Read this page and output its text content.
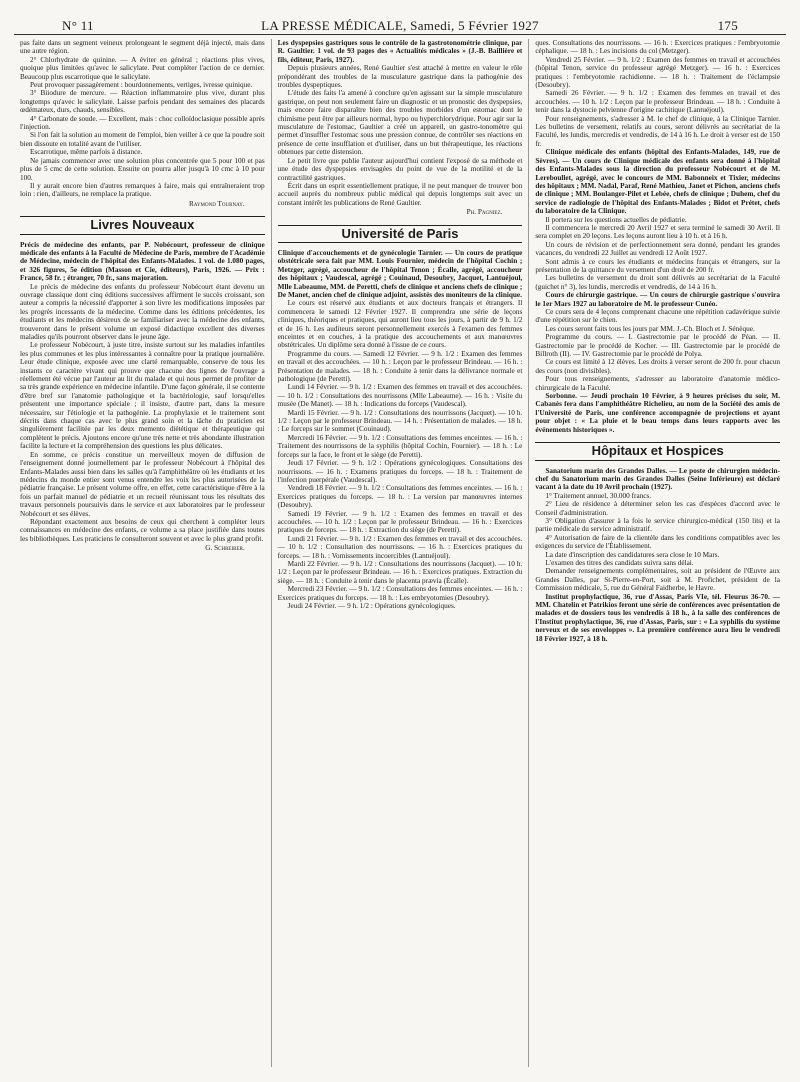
N° 11	LA PRESSE MÉDICALE, Samedi, 5 Février 1927	175

pas faite dans un segment veineux prolongeant le segment déjà injecté, mais dans une autre région.

2° Chlorhydrate de quinine. — A éviter en général ; réactions plus vives, quoique plus limitées qu'avec le salicylate. Peut compléter l'action de ce dernier. Beaucoup plus escarrotique que le salicylate.

Peut provoquer passagèrement : bourdonnements, vertiges, ivresse quinique.

3° Biiodure de mercure. — Réaction inflammatoire plus vive, durant plus longtemps qu'avec le salicylate. Laisse parfois pendant des semaines des placards œdémateux, durs, chauds, sensibles.

4° Carbonate de soude. — Excellent, mais : choc colloïdoclasique possible après l'injection.

Si l'on fait la solution au moment de l'emploi, bien veiller à ce que la poudre soit bien dissoute en totalité avant de l'utiliser.

Escarrotique, même parfois à distance.

Ne jamais commencer avec une solution plus concentrée que 5 pour 100 et pas plus de 5 cmc de cette solution. Ensuite on pourra aller jusqu'à 10 cmc à 10 pour 100.

Il y aurait encore bien d'autres remarques à faire, mais qui entraîneraient trop loin : rien, d'ailleurs, ne remplace la pratique.

Raymond Tournay.
Livres Nouveaux

Précis de médecine des enfants, par P. Nobécourt, professeur de clinique médicale des enfants à la Faculté de Médecine de Paris, membre de l'Académie de Médecine, médecin de l'hôpital des Enfants-Malades. 1 vol. de 1.080 pages, et 326 figures, 5e édition (Masson et Cie, éditeurs), Paris, 1926. — Prix : France, 58 fr. ; étranger, 70 fr., sans majoration.

Le précis de médecine des enfants du professeur Nobécourt étant devenu un ouvrage classique dont cinq éditions successives affirment le succès croissant, son auteur a compris la nécessité d'apporter à son livre les modifications imposées par les progrès incessants de la médecine. Comme dans les éditions précédentes, les étudiants et les médecins désireux de se familiariser avec la médecine des enfants, trouveront dans le présent volume un exposé didactique excellent des diverses maladies qu'ils pourront observer dans le jeune âge.

Le professeur Nobécourt, à juste titre, insiste surtout sur les maladies infantiles les plus communes et les plus intéressantes à connaître pour la pratique journalière. Leur étude clinique, exposée avec une clarté remarquable, conserve de tous les instants ce caractère vivant qui prouve que chacune des lignes de l'ouvrage a réellement été vécue par l'auteur au lit du malade et qui nous permet de profiter de sa très grande expérience en médecine infantile. D'une façon générale, il se contente d'être bref sur l'anatomie pathologique et la bactériologie, sauf lorsqu'elles présentent une importance spéciale ; il insiste, d'autre part, dans la mesure nécessaire, sur l'étiologie et la pathogénie. La prophylaxie et le traitement sont décrits dans chaque cas avec le plus grand soin et la tâche du praticien est singulièrement facilitée par les deux memento diététique et thérapeutique qui complètent le précis. Ajoutons encore qu'une très nette et très abondante illustration facilite la lecture et la compréhension des questions les plus délicates.

En somme, ce précis constitue un merveilleux moyen de diffusion de l'enseignement donné journellement par le professeur Nobécourt à l'hôpital des Enfants-Malades aussi bien dans les salles qu'à l'amphithéâtre où les étudiants et les médecins du monde entier sont venus entendre les voix les plus autorisées de la pédiatrie française. Le présent volume offre, en effet, cette caractéristique d'être à la fois un parfait manuel de pédiatrie et un recueil réunissant tous les résultats des travaux personnels poursuivis dans le service et aux laboratoires par le professeur Nobécourt et ses élèves.

Répondant exactement aux besoins de ceux qui cherchent à compléter leurs connaissances en médecine des enfants, ce volume a sa place justifiée dans toutes les bibliothèques. Les praticiens le consulteront souvent et avec le plus grand profit.

G. Schreiber.

Les dyspepsies gastriques sous le contrôle de la gastrotonométrie clinique, par R. Gaultier. 1 vol. de 93 pages des « Actualités médicales » (J.-B. Baillière et fils, éditeur, Paris, 1927).

Depuis plusieurs années, René Gaultier s'est attaché à mettre en valeur le rôle prépondérant des troubles de la musculature gastrique dans la pathogénie des troubles dyspeptiques.

L'étude des faits l'a amené à conclure qu'en agissant sur la simple musculature gastrique, on peut non seulement faire un diagnostic et un pronostic des dyspepsies, mais encore faire disparaître bien des troubles morbides d'un estomac dont le chimisme peut être par ailleurs normal, hypo ou hyperchlorydrique. Pour agir sur la musculature de l'estomac, Gaultier a créé un appareil, un gastro-tonomètre qui permet d'insuffler l'estomac sous une pression connue, de contrôler ses réactions en présence de cette insufflation et d'utiliser, dans un but thérapeutique, les réactions obtenues par cette distension.

Le petit livre que publie l'auteur aujourd'hui contient l'exposé de sa méthode et une étude des dyspepsies envisagées du point de vue de la motilité et de la contractilité gastriques.

Écrit dans un esprit essentiellement pratique, il ne peut manquer de trouver bon accueil auprès du nombreux public médical qui depuis longtemps suit avec un constant intérêt les publications de René Gaultier.

Ph. Pagniez.
Université de Paris

Clinique d'accouchements et de gynécologie Tarnier. — Un cours de pratique obstétricale sera fait par MM. Louis Fournier, médecin de l'hôpital Cochin ; Metzger, agrégé, accoucheur de l'hôpital Tenon ; Écalle, agrégé, accoucheur des hôpitaux ; Vaudescal, agrégé ; Couinaud, Desoubry, Jacquet, Lantuéjoul, Mlle Labeaume, MM. de Peretti, chefs de clinique et anciens chefs de clinique ; De Manet, ancien chef de clinique adjoint, assistés des moniteurs de la clinique.

Le cours est réservé aux étudiants et aux docteurs français et étrangers. Il commencera le samedi 12 Février 1927. Il comprendra une série de leçons cliniques, théoriques et pratiques, qui auront lieu tous les jours, à partir de 9 h. 1/2 et de 16 h. Les auditeurs seront personnellement exercés à l'examen des femmes enceintes et en couches, à la pratique des accouchements et aux manœuvres obstétricales. Un diplôme sera donné à l'issue de ce cours.

Programme du cours. — Samedi 12 Février. — 9 h. 1/2 : Examen des femmes en travail et des accouchées. — 10 h. : Leçon par le professeur Brindeau. — 16 h. : Présentation de malades. — 18 h. : Conduite à tenir dans la délivrance normale et pathologique (de Peretti).

Lundi 14 Février. — 9 h. 1/2 : Examen des femmes en travail et des accouchées. — 10 h. 1/2 : Consultations des nourrissons (Mlle Labeaume). — 16 h. : Visite du musée (De Manet). — 18 h. : Indications du forceps (Vaudescal).

Mardi 15 Février. — 9 h. 1/2 : Consultations des nourrissons (Jacquet). — 10 h. 1/2 : Leçon par le professeur Brindeau. — 14 h. : Présentation de malades. — 18 h. : Le forceps sur le sommet (Couinaud).

Mercredi 16 Février. — 9 h. 1/2 : Consultations des femmes enceintes. — 16 h. : Traitement des nourrissons de la syphilis (hôpital Cochin, Fournier). — 18 h. : Le forceps sur la face, le front et le siège (de Peretti).

Jeudi 17 Février. — 9 h. 1/2 : Opérations gynécologiques. Consultations des nourrissons. — 16 h. : Examens pratiques du forceps. — 18 h. : Traitement de l'infection puerpérale (Vaudescal).

Vendredi 18 Février. — 9 h. 1/2 : Consultations des femmes enceintes. — 16 h. : Exercices pratiques du forceps. — 18 h. : La version par manœuvres internes (Desoubry).

Samedi 19 Février. — 9 h. 1/2 : Examen des femmes en travail et des accouchées. — 10 h. 1/2 : Leçon par le professeur Brindeau. — 16 h. : Exercices pratiques de forceps. — 18 h. : Extraction du siège (de Peretti).

Lundi 21 Février. — 9 h. 1/2 : Examen des femmes en travail et des accouchées. — 10 h. 1/2 : Consultation des nourrissons. — 16 h. : Exercices pratiques du forceps. — 18 h. : Vomissements incoercibles (Lantuéjoul).

Mardi 22 Février. — 9 h. 1/2 : Consultations des nourrissons (Jacquet). — 10 h. 1/2 : Leçon par le professeur Brindeau. — 16 h. : Exercices pratiques. Extraction du siège. — 18 h. : Conduite à tenir dans le placenta prævia (Écalle).

Mercredi 23 Février. — 9 h. 1/2 : Consultations des femmes enceintes. — 16 h. : Exercices pratiques du forceps. — 18 h. : Les embryotomies (Desoubry).

Jeudi 24 Février. — 9 h. 1/2 : Opérations gynécologiques.

ques. Consultations des nourrissons. — 16 h. : Exercices pratiques : l'embryotomie céphalique. — 18 h. : Les incisions du col (Metzger).

Vendredi 25 Février. — 9 h. 1/2 : Examen des femmes en travail et accouchées (hôpital Tenon, service du professeur agrégé Metzger). — 16 h. : Exercices pratiques : l'embryotomie rachidienne. — 18 h. : Traitement de l'éclampsie (Desoubry).

Samedi 26 Février. — 9 h. 1/2 : Examen des femmes en travail et des accouchées. — 10 h. 1/2 : Leçon par le professeur Brindeau. — 18 h. : Conduite à tenir dans la dystocie pelvienne d'origine rachitique (Lantuéjoul).

Pour renseignements, s'adresser à M. le chef de clinique, à la Clinique Tarnier. Les bulletins de versement, relatifs au cours, seront délivrés au secrétariat de la Faculté, les lundis, mercredis et vendredis, de 14 à 16 h. Le droit à verser est de 150 fr.

Clinique médicale des enfants (hôpital des Enfants-Malades, 149, rue de Sèvres). — Un cours de Clinique médicale des enfants sera donné à l'hôpital des Enfants-Malades sous la direction du professeur Nobécourt et de M. Lereboullet, agrégé, avec le concours de MM. Babonneix et Tixier, médecins des hôpitaux ; MM. Nadal, Paraf, René Mathieu, Janet et Pichon, anciens chefs de clinique ; MM. Boulanger-Pilet et Lebée, chefs de clinique ; Duhem, chef du service de radiologie de l'hôpital des Enfants-Malades ; Bidot et Prétet, chefs du laboratoire de la Clinique.

Il portera sur les questions actuelles de pédiatrie.

Il commencera le mercredi 20 Avril 1927 et sera terminé le samedi 30 Avril. Il sera complet en 20 leçons. Les leçons auront lieu à 10 h. et à 16 h.

Un cours de révision et de perfectionnement sera donné, pendant les grandes vacances, du vendredi 22 Juillet au vendredi 12 Août 1927.

Sont admis à ce cours les étudiants et médecins français et étrangers, sur la présentation de la quittance du versement d'un droit de 200 fr.

Les bulletins de versement du droit sont délivrés au secrétariat de la Faculté (guichet n° 3), les lundis, mercredis et vendredis, de 14 à 16 h.

Cours de chirurgie gastrique. — Un cours de chirurgie gastrique s'ouvrira le 1er Mars 1927 au laboratoire de M. le professeur Cunéo.

Ce cours sera de 4 leçons comprenant chacune une répétition cadavérique suivie d'une répétition sur le chien.

Les cours seront faits tous les jours par MM. J.-Ch. Bloch et J. Sénèque.

Programme du cours. — I. Gastrectomie par le procédé de Péan. — II. Gastrectomie par le procédé de Kocher. — III. Gastrectomie par le procédé de Billroth (II). — IV. Gastrectomie par le procédé de Polya.

Ce cours est limité à 12 élèves. Les droits à verser seront de 200 fr. pour chacun des cours (non divisibles).

Pour tous renseignements, s'adresser au laboratoire d'anatomie médico-chirurgicale de la Faculté.

Sorbonne. — Jeudi prochain 10 Février, à 9 heures précises du soir, M. Cabanès fera dans l'amphithéâtre Richelieu, au nom de la Société des amis de l'Université de Paris, une conférence accompagnée de projections et ayant pour objet : « La pluie et le beau temps dans leurs rapports avec les événements historiques ».

Hôpitaux et Hospices

Sanatorium marin des Grandes Dalles. — Le poste de chirurgien médecin-chef du Sanatorium marin des Grandes Dalles (Seine Inférieure) est déclaré vacant à la date du 10 Avril prochain (1927).

1° Traitement annuel, 30.000 francs.

2° Lieu de résidence à déterminer selon les cas d'espèces d'accord avec le Conseil d'administration.

3° Obligation d'assurer à la fois le service chirurgico-médical (150 lits) et la partie médicale du service administratif.

4° Autorisation de faire de la clientèle dans les conditions compatibles avec les exigences du service de l'Établissement.

La date d'inscription des candidatures sera close le 10 Mars.

L'examen des titres des candidats suivra sans délai.

Demander renseignements complémentaires, soit au président de l'Œuvre aux Grandes Dalles, par St-Pierre-en-Port, soit à M. Profichet, président de la Commission médicale, 5, rue du Général Faidherbe, le Havre.

Institut prophylactique, 36, rue d'Assas, Paris VIe, tél. Fleurus 36-70. — MM. Chatelin et Patrikios feront une série de conférences avec présentation de malades et de dossiers tous les vendredis à 18 h., à la salle des conférences de l'Institut prophylactique, 36, rue d'Assas, Paris, sur : « La syphilis du système nerveux et de ses enveloppes ». La première conférence aura lieu le vendredi 18 Février 1927, à 18 h.
